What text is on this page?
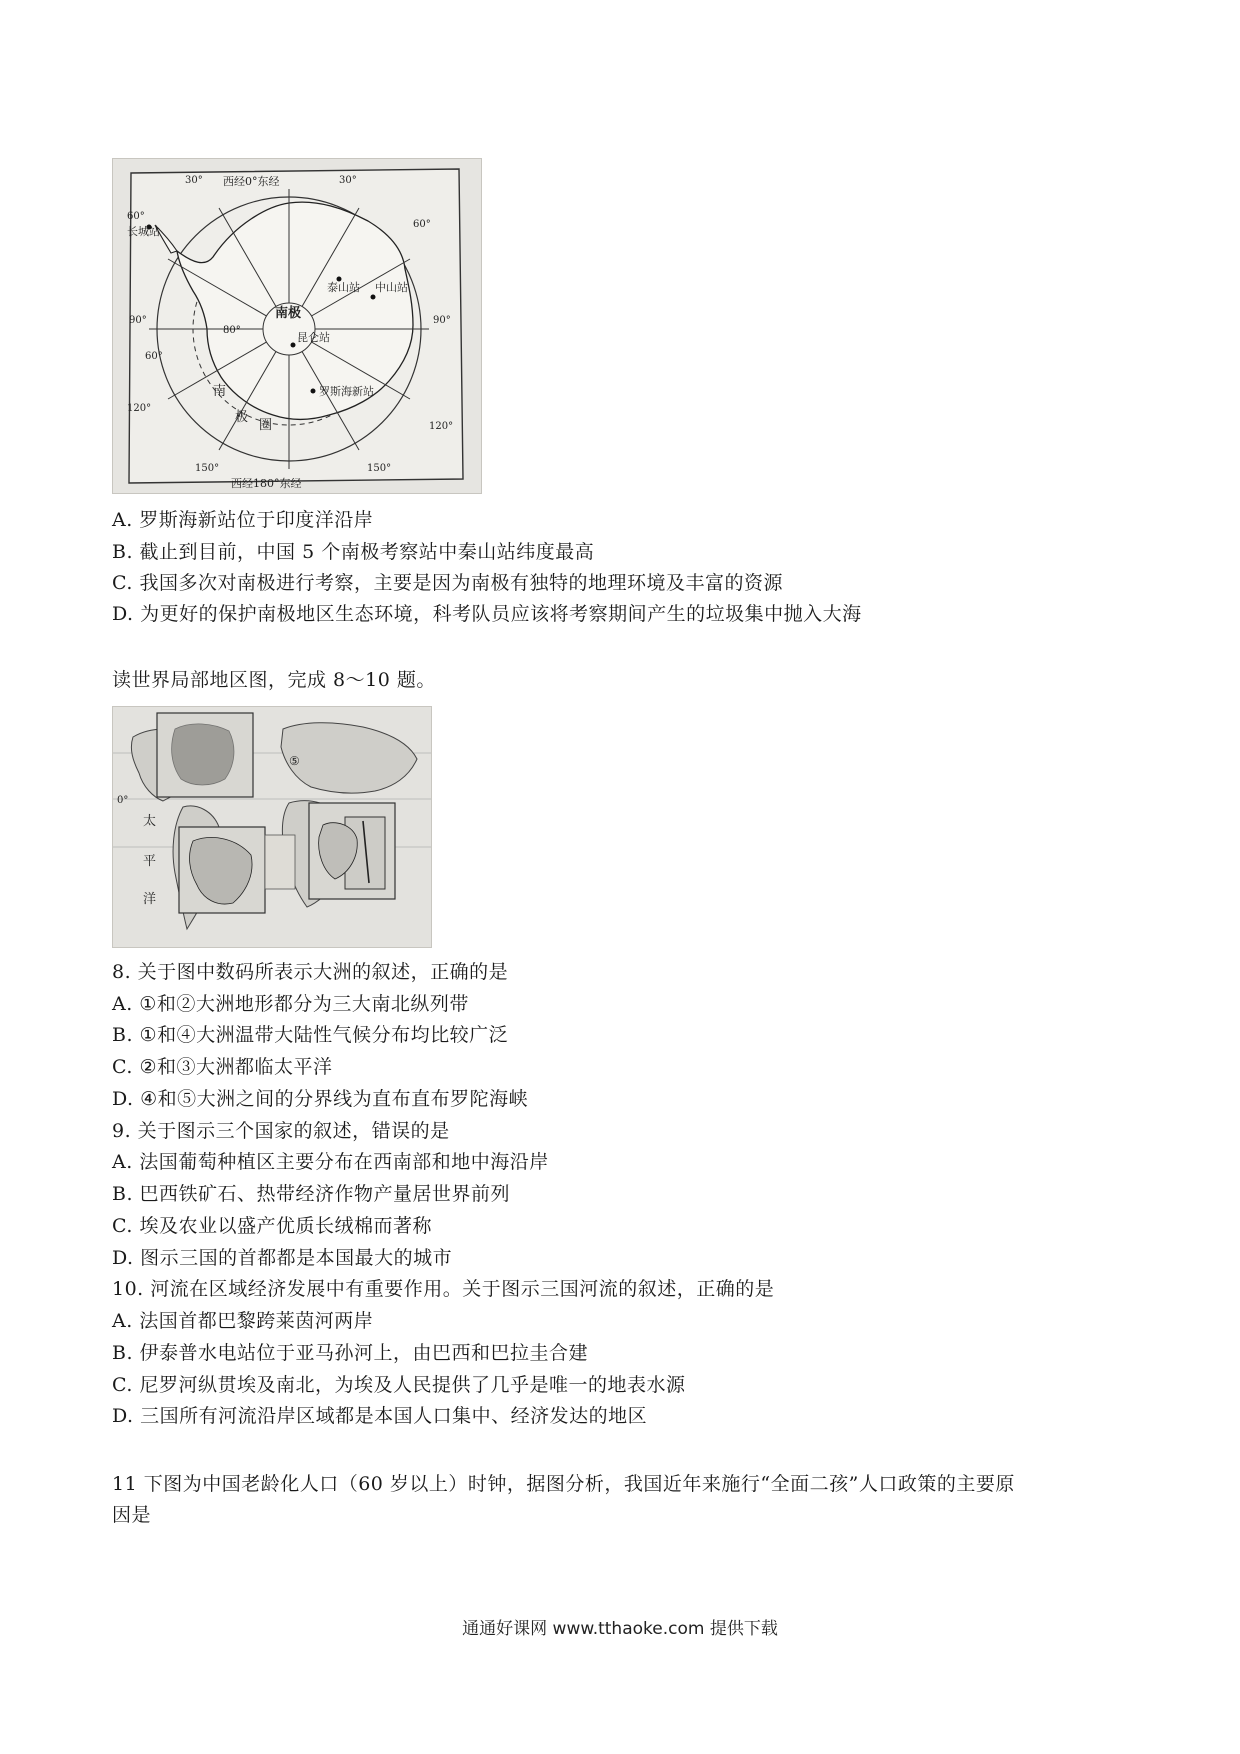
西经0°东经
西经180°东经
南极
长城站
泰山站 中山站
昆仑站
罗斯海新站
南
极
圈
30°	30°
60°
60°
90°	90°
60°
80°
120°
120°
150°	150°
A. 罗斯海新站位于印度洋沿岸
B. 截止到目前，中国 5 个南极考察站中秦山站纬度最高
C. 我国多次对南极进行考察，主要是因为南极有独特的地理环境及丰富的资源
D. 为更好的保护南极地区生态环境，科考队员应该将考察期间产生的垃圾集中抛入大海
读世界局部地区图，完成 8～10 题。
太
平
洋
0°
⑤
8. 关于图中数码所表示大洲的叙述，正确的是
A. ①和②大洲地形都分为三大南北纵列带
B. ①和④大洲温带大陆性气候分布均比较广泛
C. ②和③大洲都临太平洋
D. ④和⑤大洲之间的分界线为直布直布罗陀海峡
9. 关于图示三个国家的叙述，错误的是
A. 法国葡萄种植区主要分布在西南部和地中海沿岸
B. 巴西铁矿石、热带经济作物产量居世界前列
C. 埃及农业以盛产优质长绒棉而著称
D. 图示三国的首都都是本国最大的城市
10. 河流在区域经济发展中有重要作用。关于图示三国河流的叙述，正确的是
A. 法国首都巴黎跨莱茵河两岸
B. 伊泰普水电站位于亚马孙河上，由巴西和巴拉圭合建
C. 尼罗河纵贯埃及南北，为埃及人民提供了几乎是唯一的地表水源
D. 三国所有河流沿岸区域都是本国人口集中、经济发达的地区
11 下图为中国老龄化人口（60 岁以上）时钟，据图分析，我国近年来施行“全面二孩”人口政策的主要原
因是
通通好课网 www.tthaoke.com 提供下载
